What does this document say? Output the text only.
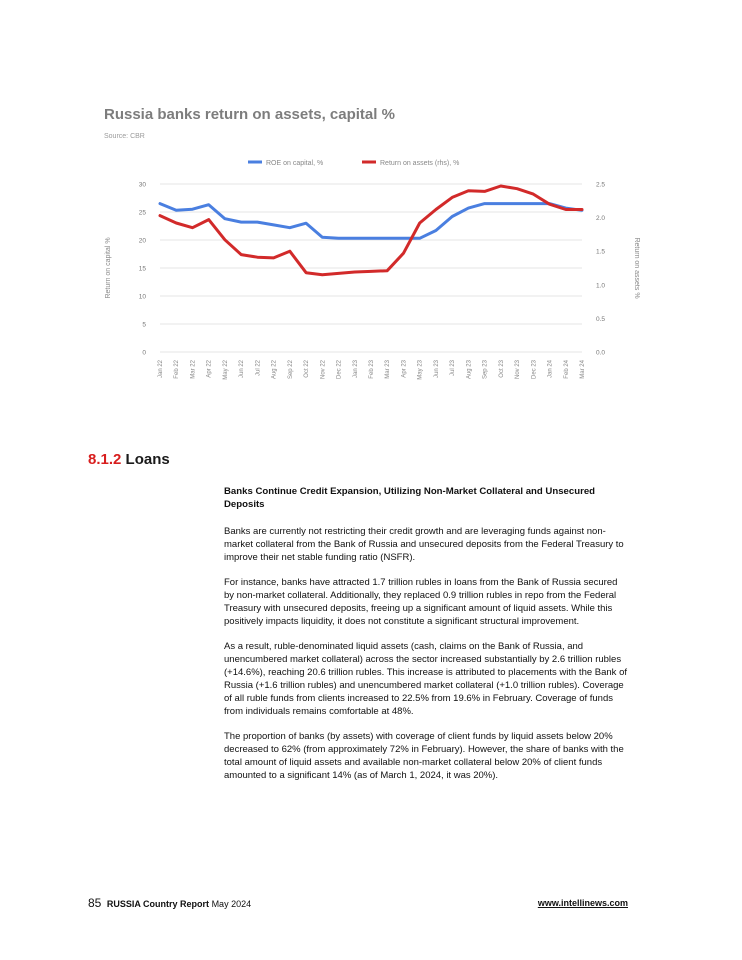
Russia banks return on assets, capital %
Source: CBR
ROE on capital, %	Return on assets (rhs), %
30
25
20
15
10
5
0
2.5
2.0
1.5
1.0
0.5
0.0
Return on capital %	Return on assets %
Jan 22 Feb 22 Mar 22 Apr 22 May 22 Jun 22 Jul 22 Aug 22 Sep 22 Oct 22 Nov 22 Dec 22 Jan 23 Feb 23 Mar 23 Apr 23 May 23 Jun 23 Jul 23 Aug 23 Sep 23 Oct 23 Nov 23 Dec 23 Jan 24 Feb 24 Mar 24
8.1.2 Loans
Banks Continue Credit Expansion, Utilizing Non-Market Collateral and Unsecured Deposits

Banks are currently not restricting their credit growth and are leveraging funds against non-market collateral from the Bank of Russia and unsecured deposits from the Federal Treasury to improve their net stable funding ratio (NSFR).

For instance, banks have attracted 1.7 trillion rubles in loans from the Bank of Russia secured by non-market collateral. Additionally, they replaced 0.9 trillion rubles in repo from the Federal Treasury with unsecured deposits, freeing up a significant amount of liquid assets. While this positively impacts liquidity, it does not constitute a significant structural improvement.

As a result, ruble-denominated liquid assets (cash, claims on the Bank of Russia, and unencumbered market collateral) across the sector increased substantially by 2.6 trillion rubles (+14.6%), reaching 20.6 trillion rubles. This increase is attributed to placements with the Bank of Russia (+1.6 trillion rubles) and unencumbered market collateral (+1.0 trillion rubles). Coverage of all ruble funds from clients increased to 22.5% from 19.6% in February. Coverage of funds from individuals remains comfortable at 48%.

The proportion of banks (by assets) with coverage of client funds by liquid assets below 20% decreased to 62% (from approximately 72% in February). However, the share of banks with the total amount of liquid assets and available non-market collateral below 20% of client funds amounted to a significant 14% (as of March 1, 2024, it was 20%).

85 RUSSIA Country Report May 2024	www.intellinews.com
